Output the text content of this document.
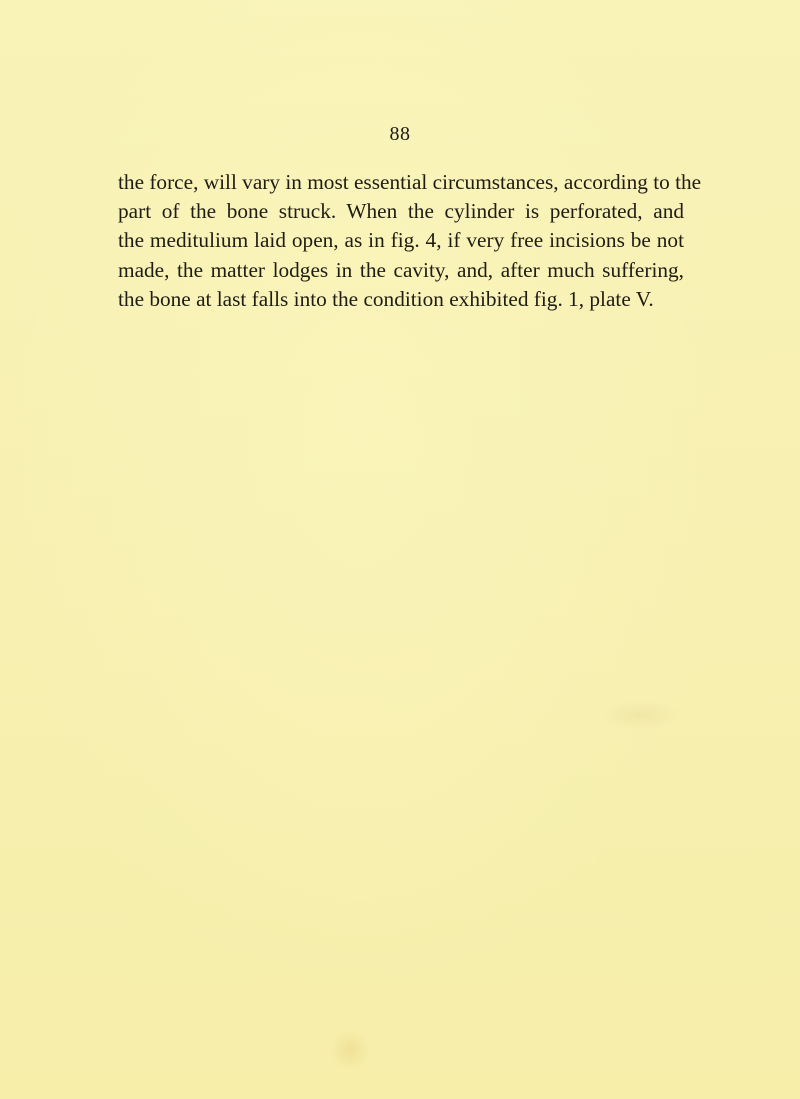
88

the force, will vary in most essential circumstances, according to the
part of the bone struck. When the cylinder is perforated, and
the meditulium laid open, as in fig. 4, if very free incisions be not
made, the matter lodges in the cavity, and, after much suffering,
the bone at last falls into the condition exhibited fig. 1, plate V.
